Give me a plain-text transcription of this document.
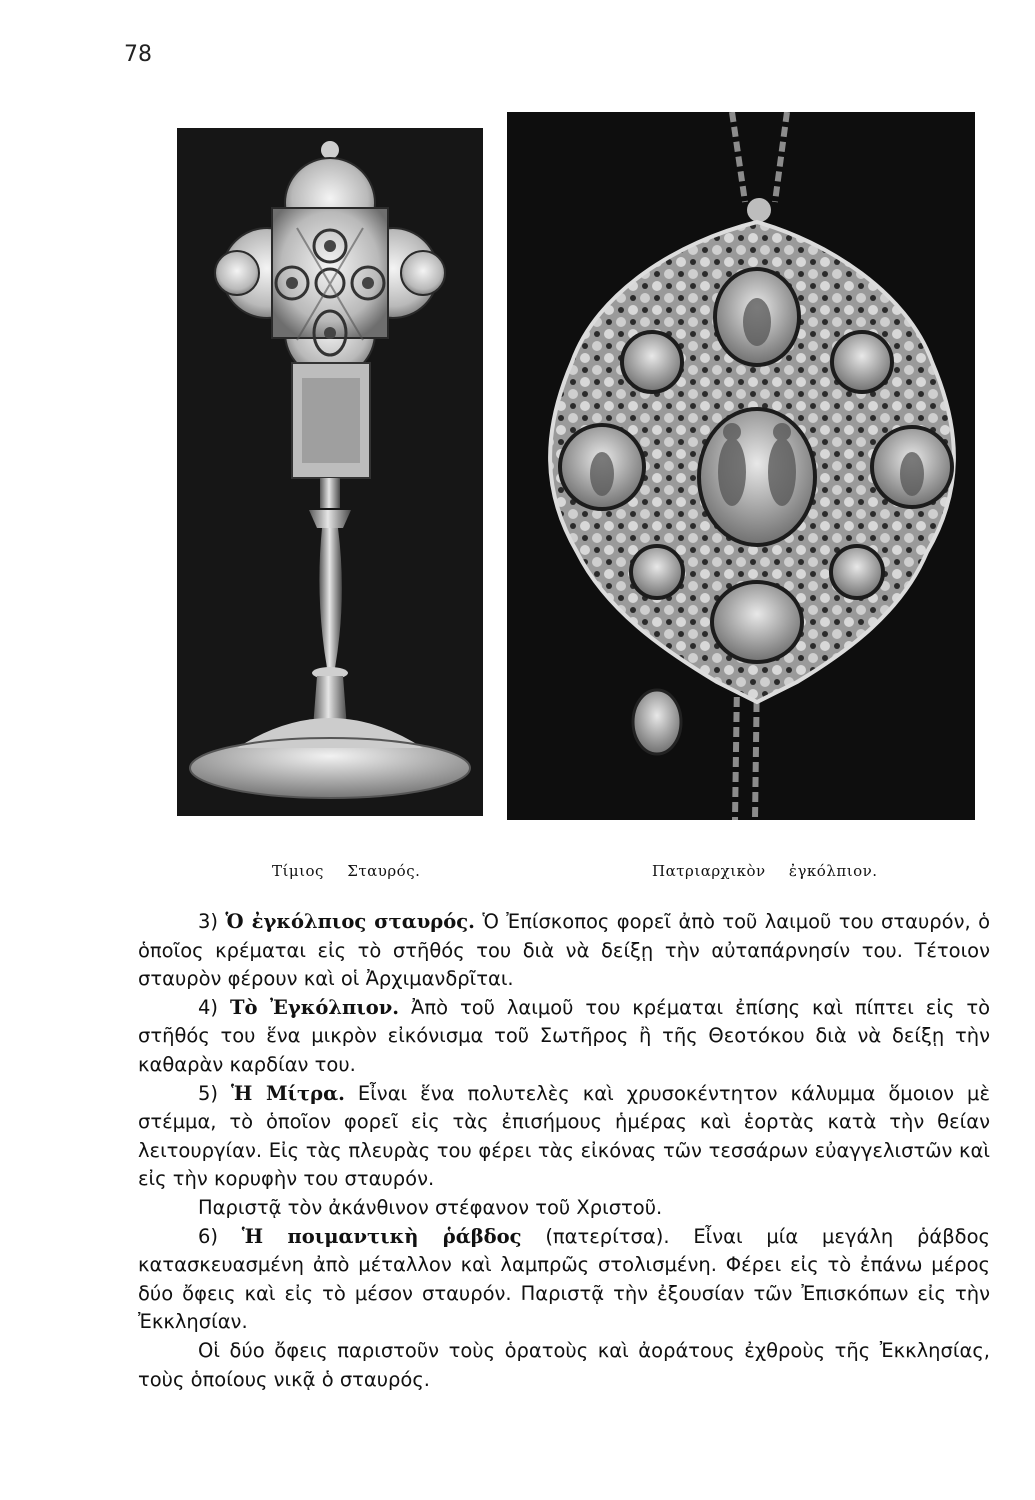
78
Τίμιος Σταυρός.	Πατριαρχικὸν ἐγκόλπιον.

3) Ὁ ἐγκόλπιος σταυρός. Ὁ Ἐπίσκοπος φορεῖ ἀπὸ τοῦ λαιμοῦ του σταυρόν, ὁ ὁποῖος κρέμαται εἰς τὸ στῆθός του διὰ νὰ δείξῃ τὴν αὐταπάρνησίν του. Τέτοιον σταυρὸν φέρουν καὶ οἱ Ἀρχιμανδρῖται.

4) Τὸ Ἐγκόλπιον. Ἀπὸ τοῦ λαιμοῦ του κρέμαται ἐπίσης καὶ πίπτει εἰς τὸ στῆθός του ἕνα μικρὸν εἰκόνισμα τοῦ Σωτῆρος ἢ τῆς Θεοτόκου διὰ νὰ δείξῃ τὴν καθαρὰν καρδίαν του.

5) Ἡ Μίτρα. Εἶναι ἕνα πολυτελὲς καὶ χρυσοκέντητον κάλυμμα ὅμοιον μὲ στέμμα, τὸ ὁποῖον φορεῖ εἰς τὰς ἐπισήμους ἡμέρας καὶ ἑορτὰς κατὰ τὴν θείαν λειτουργίαν. Εἰς τὰς πλευρὰς του φέρει τὰς εἰκόνας τῶν τεσσάρων εὐαγγελιστῶν καὶ εἰς τὴν κορυφὴν του σταυρόν.

Παριστᾷ τὸν ἀκάνθινον στέφανον τοῦ Χριστοῦ.

6) Ἡ ποιμαντικὴ ῥάβδος (πατερίτσα). Εἶναι μία μεγάλη ῥάβδος κατασκευασμένη ἀπὸ μέταλλον καὶ λαμπρῶς στολισμένη. Φέρει εἰς τὸ ἐπάνω μέρος δύο ὄφεις καὶ εἰς τὸ μέσον σταυρόν. Παριστᾷ τὴν ἐξουσίαν τῶν Ἐπισκόπων εἰς τὴν Ἐκκλησίαν.

Οἱ δύο ὄφεις παριστοῦν τοὺς ὁρατοὺς καὶ ἀοράτους ἐχθροὺς τῆς Ἐκκλησίας, τοὺς ὁποίους νικᾷ ὁ σταυρός.
